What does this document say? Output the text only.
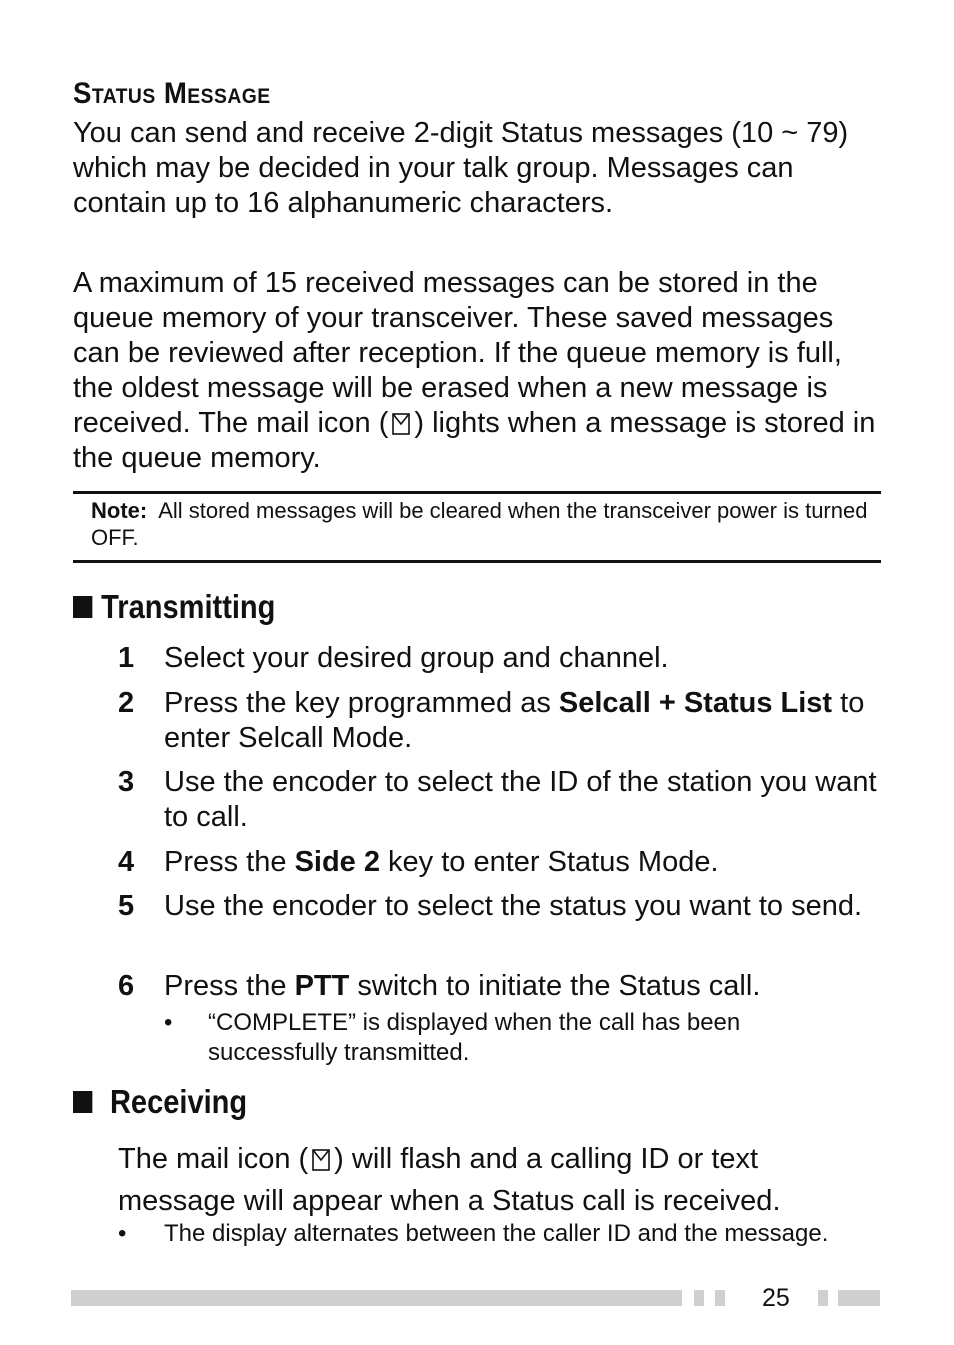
Status Message
You can send and receive 2-digit Status messages (10 ~ 79) which may be decided in your talk group. Messages can contain up to 16 alphanumeric characters.
A maximum of 15 received messages can be stored in the queue memory of your transceiver. These saved messages can be reviewed after reception. If the queue memory is full, the oldest message will be erased when a new message is received. The mail icon ( ) lights when a message is stored in the queue memory.
Note: All stored messages will be cleared when the transceiver power is turned OFF.
Transmitting
1 Select your desired group and channel.
2 Press the key programmed as Selcall + Status List to enter Selcall Mode.
3 Use the encoder to select the ID of the station you want to call.
4 Press the Side 2 key to enter Status Mode.
5 Use the encoder to select the status you want to send.
6 Press the PTT switch to initiate the Status call.
• “COMPLETE” is displayed when the call has been successfully transmitted.
Receiving
The mail icon ( ) will flash and a calling ID or text message will appear when a Status call is received.
• The display alternates between the caller ID and the message.
25
